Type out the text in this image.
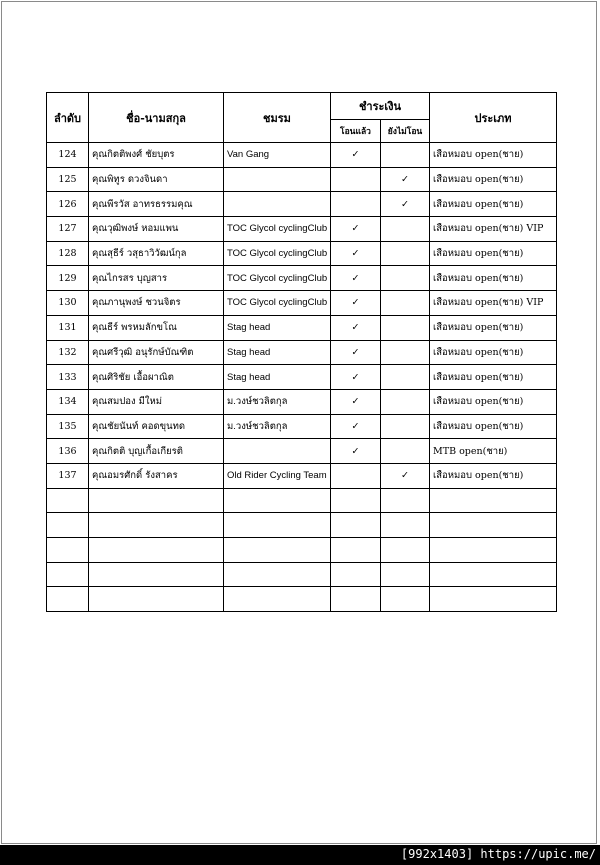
ลำดับ	ชื่อ-นามสกุล	ชมรม	ชำระเงิน		ประเภท
			โอนแล้ว	ยังไม่โอน	
124	คุณกิตติพงศ์ ชัยบุตร	Van Gang	✓		เสือหมอบ open(ชาย)
125	คุณพิทูร ดวงจินดา			✓	เสือหมอบ open(ชาย)
126	คุณพีรวัส อาทรธรรมคุณ			✓	เสือหมอบ open(ชาย)
127	คุณวุฒิพงษ์ หอมแพน	TOC Glycol cyclingClub	✓		เสือหมอบ open(ชาย) VIP
128	คุณสุธีร์ วสุธาวิวัฒน์กุล	TOC Glycol cyclingClub	✓		เสือหมอบ open(ชาย)
129	คุณไกรสร บุญสาร	TOC Glycol cyclingClub	✓		เสือหมอบ open(ชาย)
130	คุณภานุพงษ์ ชวนจิตร	TOC Glycol cyclingClub	✓		เสือหมอบ open(ชาย) VIP
131	คุณธีร์ พรหมลักขโณ	Stag head	✓		เสือหมอบ open(ชาย)
132	คุณศรีวุฒิ อนุรักษ์บัณฑิต	Stag head	✓		เสือหมอบ open(ชาย)
133	คุณศิริชัย เอื้อผาณิต	Stag head	✓		เสือหมอบ open(ชาย)
134	คุณสมปอง มีใหม่	ม.วงษ์ชวลิตกุล	✓		เสือหมอบ open(ชาย)
135	คุณชัยนันท์ คอดขุนทด	ม.วงษ์ชวลิตกุล	✓		เสือหมอบ open(ชาย)
136	คุณกิตติ บุญเกื้อเกียรติ		✓		MTB open(ชาย)
137	คุณอมรศักดิ์ รังสาคร	Old Rider Cycling Team		✓	เสือหมอบ open(ชาย)

[992x1403] https://upic.me/
